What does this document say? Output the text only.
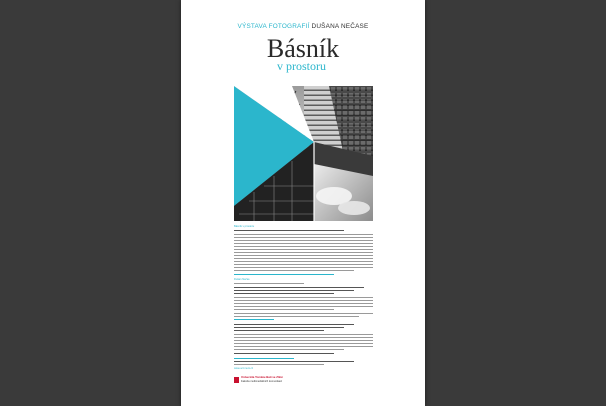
VÝSTAVA FOTOGRAFIÍ DUŠANA NEČASE
Básník
v prostoru
Básník v prostoru
Dušan Nečas
www.ucl.muni.cz
Univerzita Tomáše Bati ve Zlíně
Fakulta multimediálních komunikací
